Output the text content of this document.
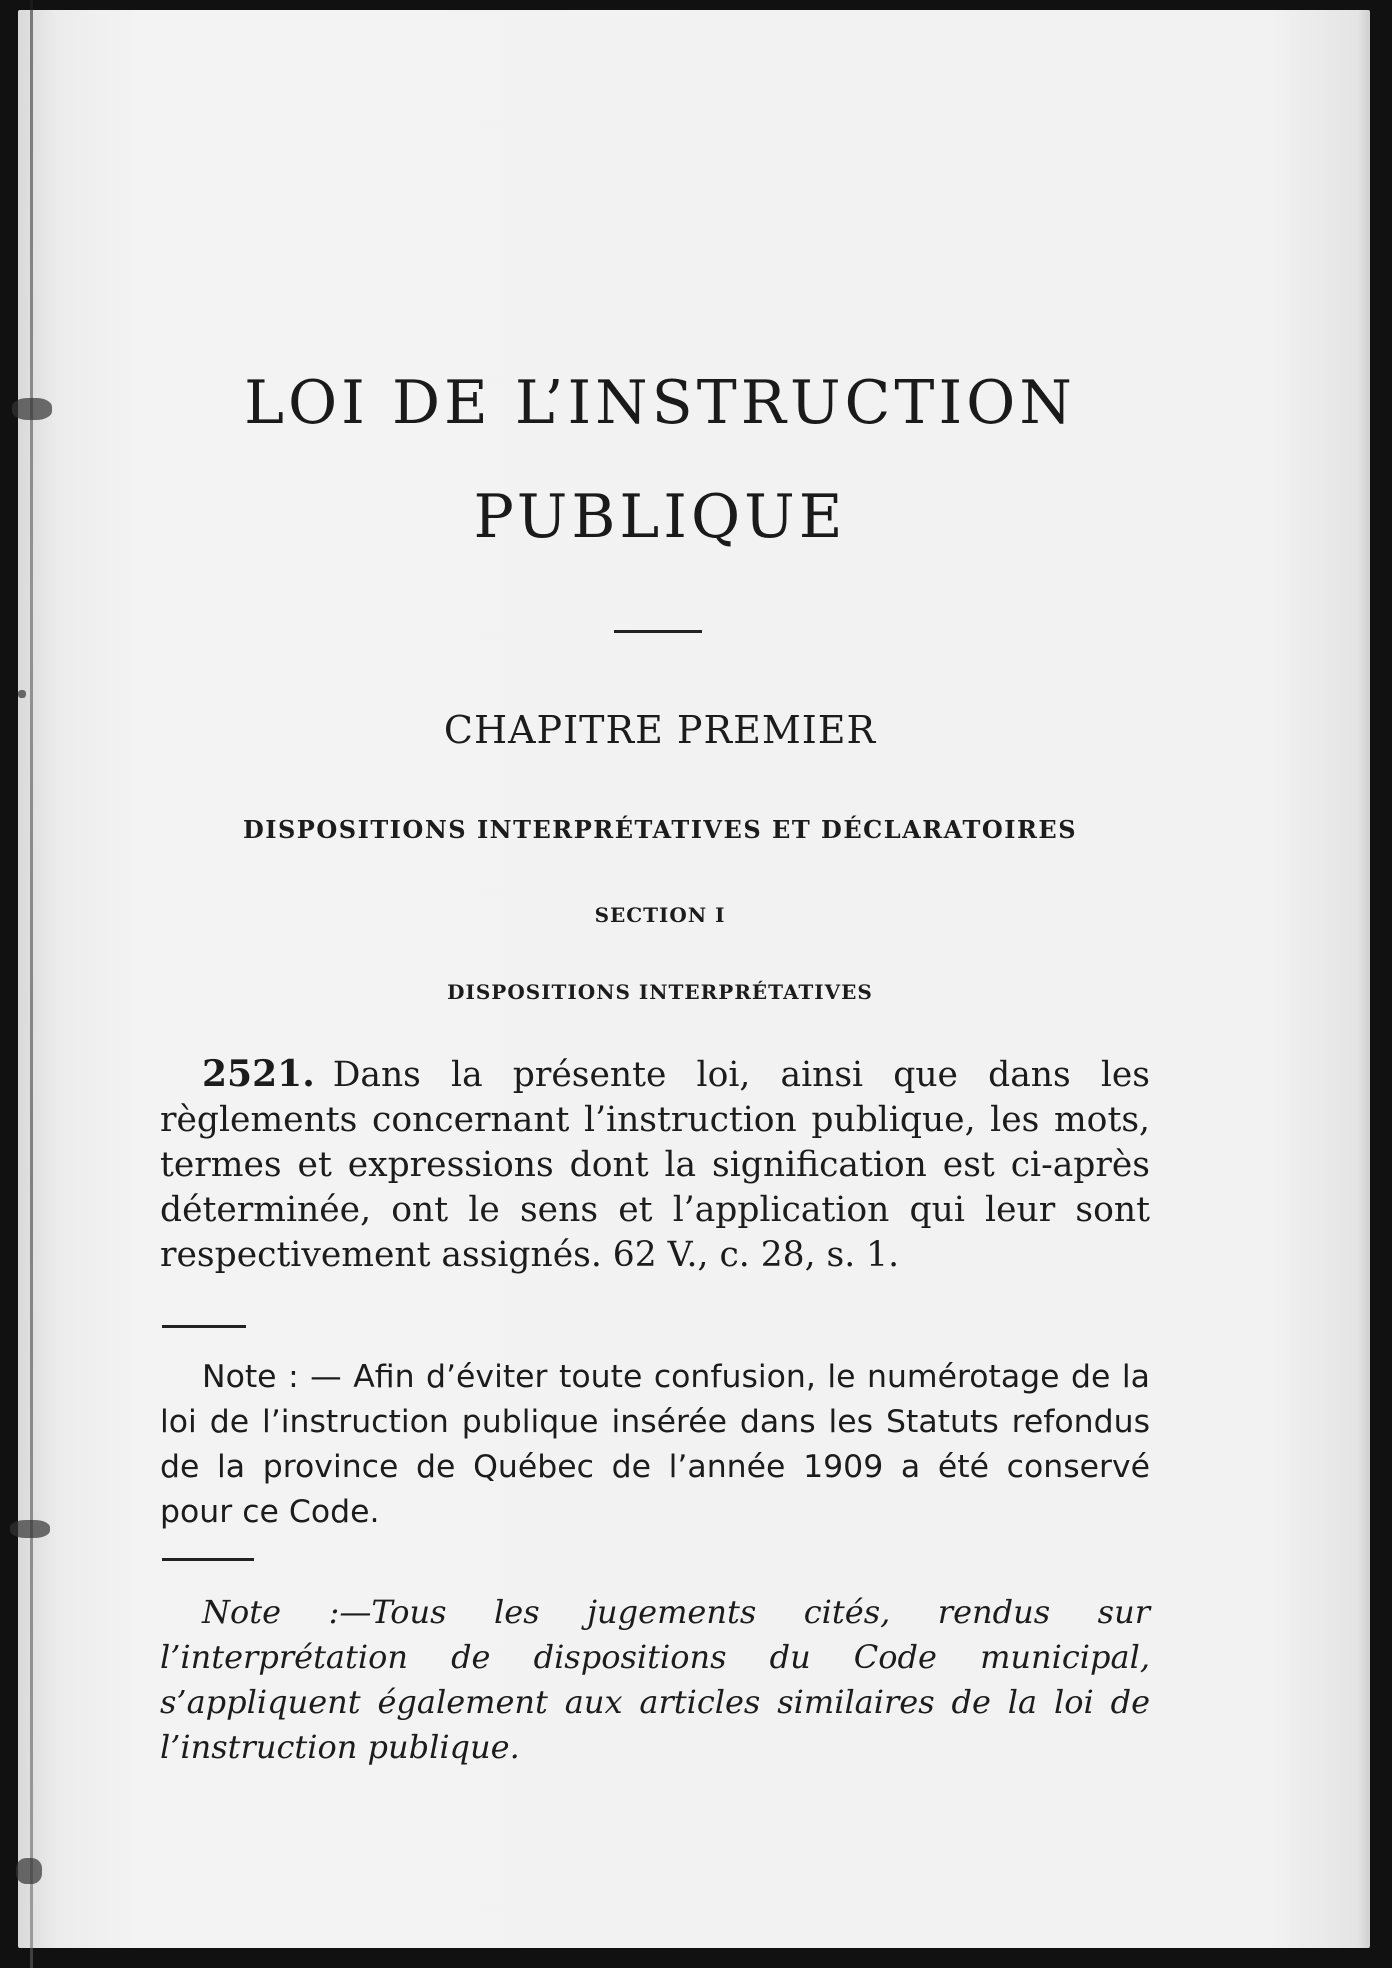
LOI DE L’INSTRUCTION
PUBLIQUE
CHAPITRE PREMIER
DISPOSITIONS INTERPRÉTATIVES ET DÉCLARATOIRES
SECTION I
DISPOSITIONS INTERPRÉTATIVES
2521. Dans la présente loi, ainsi que dans les règlements concernant l’instruction publique, les mots, termes et expressions dont la signification est ci-après déterminée, ont le sens et l’application qui leur sont respectivement assignés. 62 V., c. 28, s. 1.
Note : — Afin d’éviter toute confusion, le numérotage de la loi de l’instruction publique insérée dans les Statuts refondus de la province de Québec de l’année 1909 a été conservé pour ce Code.
Note :—Tous les jugements cités, rendus sur l’interprétation de dispositions du Code municipal, s’appliquent également aux articles similaires de la loi de l’instruction publique.
